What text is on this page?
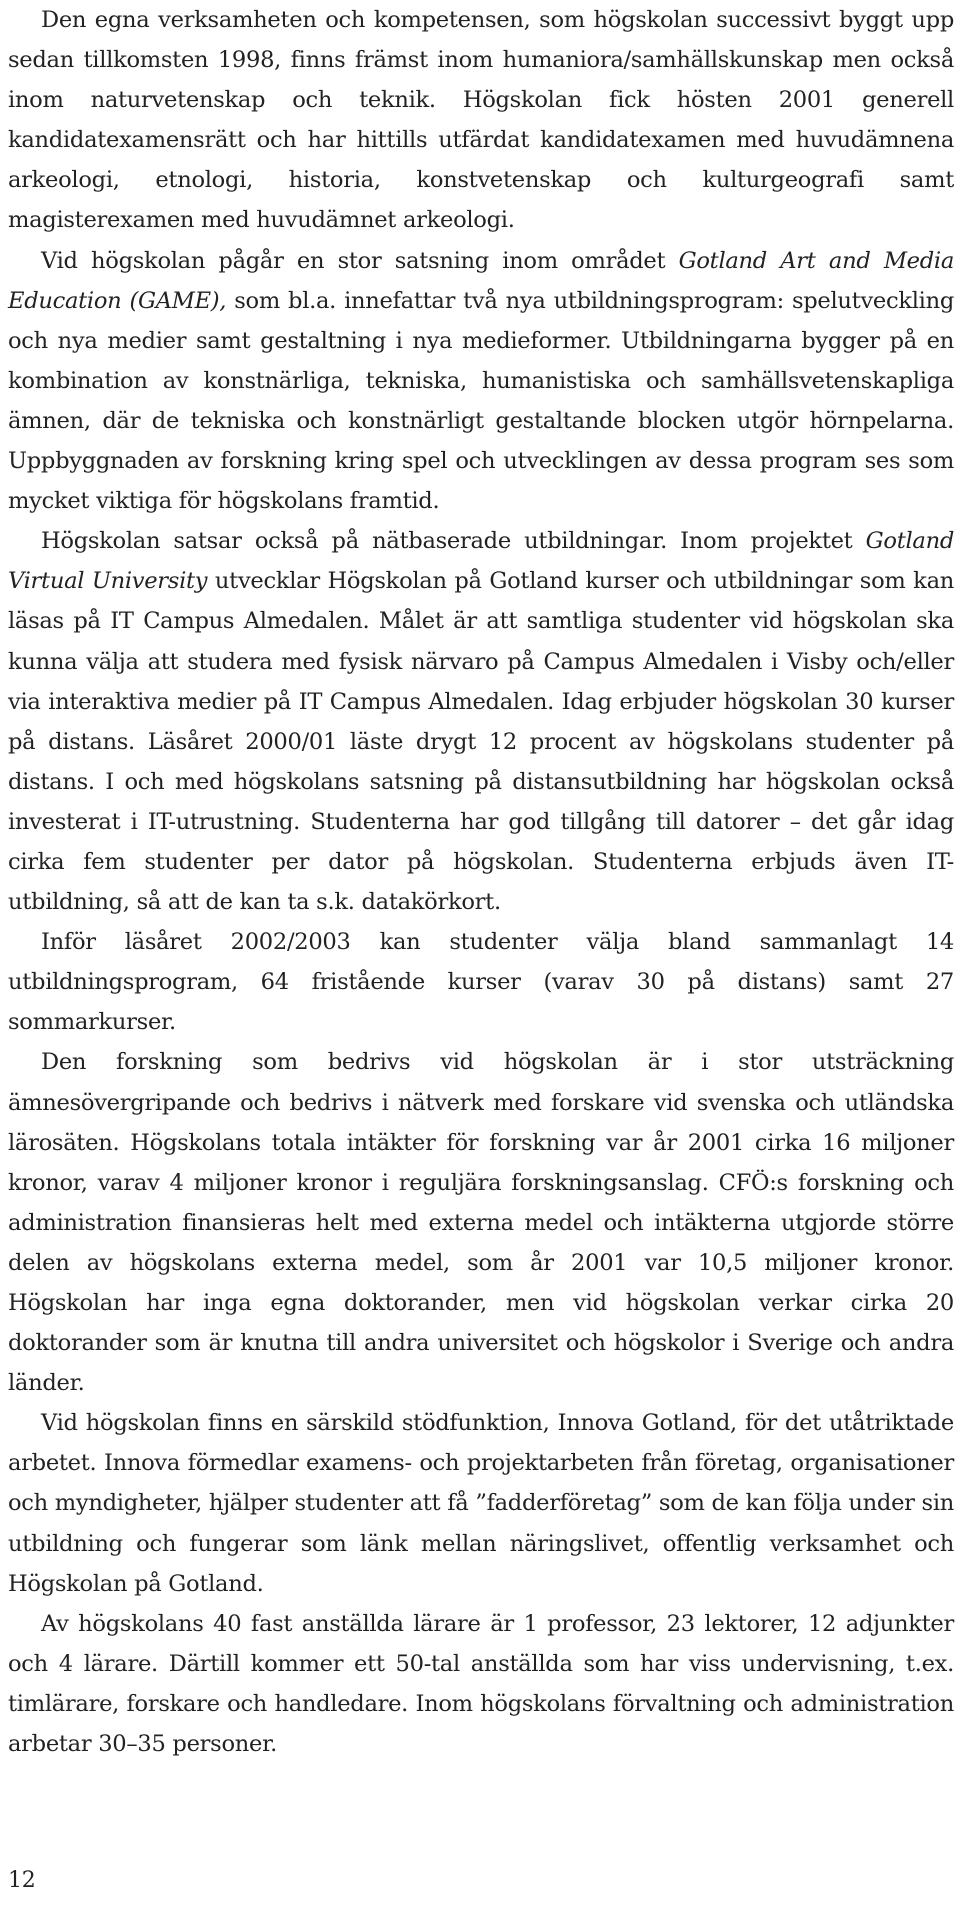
Den egna verksamheten och kompetensen, som högskolan successivt byggt upp sedan tillkomsten 1998, finns främst inom humaniora/samhällskunskap men också inom naturvetenskap och teknik. Högskolan fick hösten 2001 generell kandidatexamensrätt och har hittills utfärdat kandidatexamen med huvudämnena arkeologi, etnologi, historia, konstvetenskap och kulturgeografi samt magisterexamen med huvudämnet arkeologi.

Vid högskolan pågår en stor satsning inom området Gotland Art and Media Education (GAME), som bl.a. innefattar två nya utbildningsprogram: spelutveckling och nya medier samt gestaltning i nya medieformer. Utbildningarna bygger på en kombination av konstnärliga, tekniska, humanistiska och samhällsvetenskapliga ämnen, där de tekniska och konstnärligt gestaltande blocken utgör hörnpelarna. Uppbyggnaden av forskning kring spel och utvecklingen av dessa program ses som mycket viktiga för högskolans framtid.

Högskolan satsar också på nätbaserade utbildningar. Inom projektet Gotland Virtual University utvecklar Högskolan på Gotland kurser och utbildningar som kan läsas på IT Campus Almedalen. Målet är att samtliga studenter vid högskolan ska kunna välja att studera med fysisk närvaro på Campus Almedalen i Visby och/eller via interaktiva medier på IT Campus Almedalen. Idag erbjuder högskolan 30 kurser på distans. Läsåret 2000/01 läste drygt 12 procent av högskolans studenter på distans. I och med högskolans satsning på distansutbildning har högskolan också investerat i IT-utrustning. Studenterna har god tillgång till datorer – det går idag cirka fem studenter per dator på högskolan. Studenterna erbjuds även IT-utbildning, så att de kan ta s.k. datakörkort.

Inför läsåret 2002/2003 kan studenter välja bland sammanlagt 14 utbildningsprogram, 64 fristående kurser (varav 30 på distans) samt 27 sommarkurser.

Den forskning som bedrivs vid högskolan är i stor utsträckning ämnesövergripande och bedrivs i nätverk med forskare vid svenska och utländska lärosäten. Högskolans totala intäkter för forskning var år 2001 cirka 16 miljoner kronor, varav 4 miljoner kronor i reguljära forskningsanslag. CFÖ:s forskning och administration finansieras helt med externa medel och intäkterna utgjorde större delen av högskolans externa medel, som år 2001 var 10,5 miljoner kronor. Högskolan har inga egna doktorander, men vid högskolan verkar cirka 20 doktorander som är knutna till andra universitet och högskolor i Sverige och andra länder.

Vid högskolan finns en särskild stödfunktion, Innova Gotland, för det utåtriktade arbetet. Innova förmedlar examens- och projektarbeten från företag, organisationer och myndigheter, hjälper studenter att få ”fadderföretag” som de kan följa under sin utbildning och fungerar som länk mellan näringslivet, offentlig verksamhet och Högskolan på Gotland.

Av högskolans 40 fast anställda lärare är 1 professor, 23 lektorer, 12 adjunkter och 4 lärare. Därtill kommer ett 50-tal anställda som har viss undervisning, t.ex. timlärare, forskare och handledare. Inom högskolans förvaltning och administration arbetar 30–35 personer.

12
